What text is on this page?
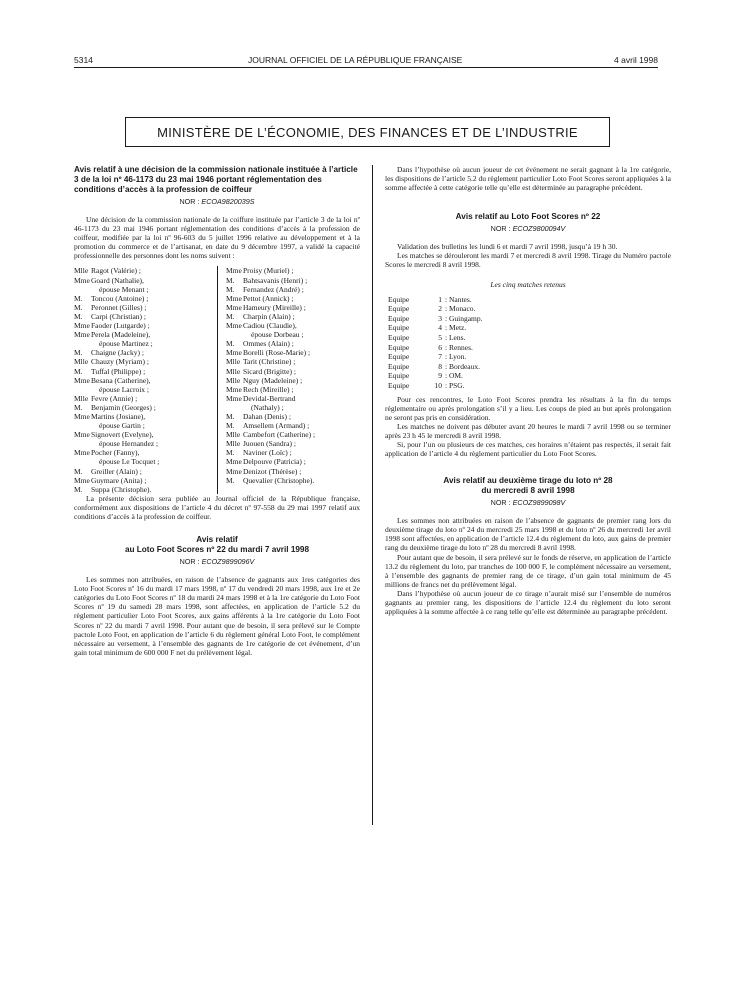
5314	JOURNAL OFFICIEL DE LA RÉPUBLIQUE FRANÇAISE	4 avril 1998
MINISTÈRE DE L’ÉCONOMIE, DES FINANCES ET DE L’INDUSTRIE

Avis relatif à une décision de la commission nationale instituée à l’article 3 de la loi nº 46-1173 du 23 mai 1946 portant réglementation des conditions d’accès à la profession de coiffeur

NOR : ECOA9820039S

Une décision de la commission nationale de la coiffure instituée par l’article 3 de la loi nº 46-1173 du 23 mai 1946 portant réglementation des conditions d’accès à la profession de coiffeur, modifiée par la loi nº 96-603 du 5 juillet 1996 relative au développement et à la promotion du commerce et de l’artisanat, en date du 9 décembre 1997, a validé la capacité professionnelle des personnes dont les noms suivent :

Mlle Ragot (Valérie) ;
MmeGoard (Nathalie),
épouse Menant ;
M. Toncou (Antoine) ;
M. Peronnet (Gilles) ;
M. Carpi (Christian) ;
MmeFaoder (Lutgarde) ;
MmePerela (Madeleine),
épouse Martinez ;
M. Chaigne (Jacky) ;
Mlle Chauzy (Myriam) ;
M. Tuffal (Philippe) ;
MmeBesana (Catherine),
épouse Lacroix ;
Mlle Fevre (Annie) ;
M. Benjamin (Georges) ;
MmeMartins (Josiane),
épouse Gartin ;
MmeSignovert (Evelyne),
épouse Hernandez ;
MmePocher (Fanny),
épouse Le Tocquet ;
M. Greiller (Alain) ;
MmeGuymare (Anita) ;
M. Suppa (Christophe).
MmeProisy (Muriel) ;
M. Bahtsavanis (Henri) ;
M. Fernandez (André) ;
MmePettot (Annick) ;
MmeHameury (Mireille) ;
M. Charpin (Alain) ;
MmeCadiou (Claudie),
épouse Dorbeau ;
M. Ommes (Alain) ;
MmeBorelli (Rose-Marie) ;
Mlle Tarit (Christine) ;
Mlle Sicard (Brigitte) ;
Mlle Nguy (Madeleine) ;
MmeRech (Mireille) ;
MmeDevidal-Bertrand
(Nathaly) ;
M. Dahan (Denis) ;
M. Amsellem (Armand) ;
Mlle Cambefort (Catherine) ;
Mlle Juouen (Sandra) ;
M. Naviner (Loïc) ;
MmeDelpouve (Patricia) ;
MmeDenizot (Thérèse) ;
M. Quevalier (Christophe).

La présente décision sera publiée au Journal officiel de la République française, conformément aux dispositions de l’article 4 du décret nº 97-558 du 29 mai 1997 relatif aux conditions d’accès à la profession de coiffeur.

Avis relatif

au Loto Foot Scores nº 22 du mardi 7 avril 1998

NOR : ECOZ9899096V

Les sommes non attribuées, en raison de l’absence de gagnants aux 1res catégories des Loto Foot Scores nº 16 du mardi 17 mars 1998, nº 17 du vendredi 20 mars 1998, aux 1re et 2e catégories du Loto Foot Scores nº 18 du mardi 24 mars 1998 et à la 1re catégorie du Loto Foot Scores nº 19 du samedi 28 mars 1998, sont affectées, en application de l’article 5.2 du règlement particulier Loto Foot Scores, aux gains afférents à la 1re catégorie du Loto Foot Scores nº 22 du mardi 7 avril 1998. Pour autant que de besoin, il sera prélevé sur le Compte pactole Loto Foot, en application de l’article 6 du règlement général Loto Foot, le complément nécessaire au versement, à l’ensemble des gagnants de 1re catégorie de cet événement, d’un gain total minimum de 600 000 F net du prélèvement légal.

Dans l’hypothèse où aucun joueur de cet événement ne serait gagnant à la 1re catégorie, les dispositions de l’article 5.2 du règlement particulier Loto Foot Scores seront appliquées à la somme affectée à cette catégorie telle qu’elle est déterminée au paragraphe précédent.

Avis relatif au Loto Foot Scores nº 22

NOR : ECOZ9800094V

Validation des bulletins les lundi 6 et mardi 7 avril 1998, jusqu’à 19 h 30.

Les matches se dérouleront les mardi 7 et mercredi 8 avril 1998. Tirage du Numéro pactole Scores le mercredi 8 avril 1998.

Les cinq matches retenus

Equipe	1 : Nantes.
Equipe	2 : Monaco.
Equipe	3 : Guingamp.
Equipe	4 : Metz.
Equipe	5 : Lens.
Equipe	6 : Rennes.
Equipe	7 : Lyon.
Equipe	8 : Bordeaux.
Equipe	9 : OM.
Equipe	10 : PSG.

Pour ces rencontres, le Loto Foot Scores prendra les résultats à la fin du temps réglementaire ou après prolongation s’il y a lieu. Les coups de pied au but après prolongation ne seront pas pris en considération.

Les matches ne doivent pas débuter avant 20 heures le mardi 7 avril 1998 ou se terminer après 23 h 45 le mercredi 8 avril 1998.

Si, pour l’un ou plusieurs de ces matches, ces horaires n’étaient pas respectés, il serait fait application de l’article 4 du règlement particulier du Loto Foot Scores.

Avis relatif au deuxième tirage du loto nº 28

du mercredi 8 avril 1998

NOR : ECOZ9899098V

Les sommes non attribuées en raison de l’absence de gagnants de premier rang lors du deuxième tirage du loto nº 24 du mercredi 25 mars 1998 et du loto nº 26 du mercredi 1er avril 1998 sont affectées, en application de l’article 12.4 du règlement du loto, aux gains de premier rang du deuxième tirage du loto nº 28 du mercredi 8 avril 1998.

Pour autant que de besoin, il sera prélevé sur le fonds de réserve, en application de l’article 13.2 du règlement du loto, par tranches de 100 000 F, le complément nécessaire au versement, à l’ensemble des gagnants de premier rang de ce tirage, d’un gain total minimum de 45 millions de francs net du prélèvement légal.

Dans l’hypothèse où aucun joueur de ce tirage n’aurait misé sur l’ensemble de numéros gagnants au premier rang, les dispositions de l’article 12.4 du règlement du loto seront appliquées à la somme affectée à ce rang telle qu’elle est déterminée au paragraphe précédent.
